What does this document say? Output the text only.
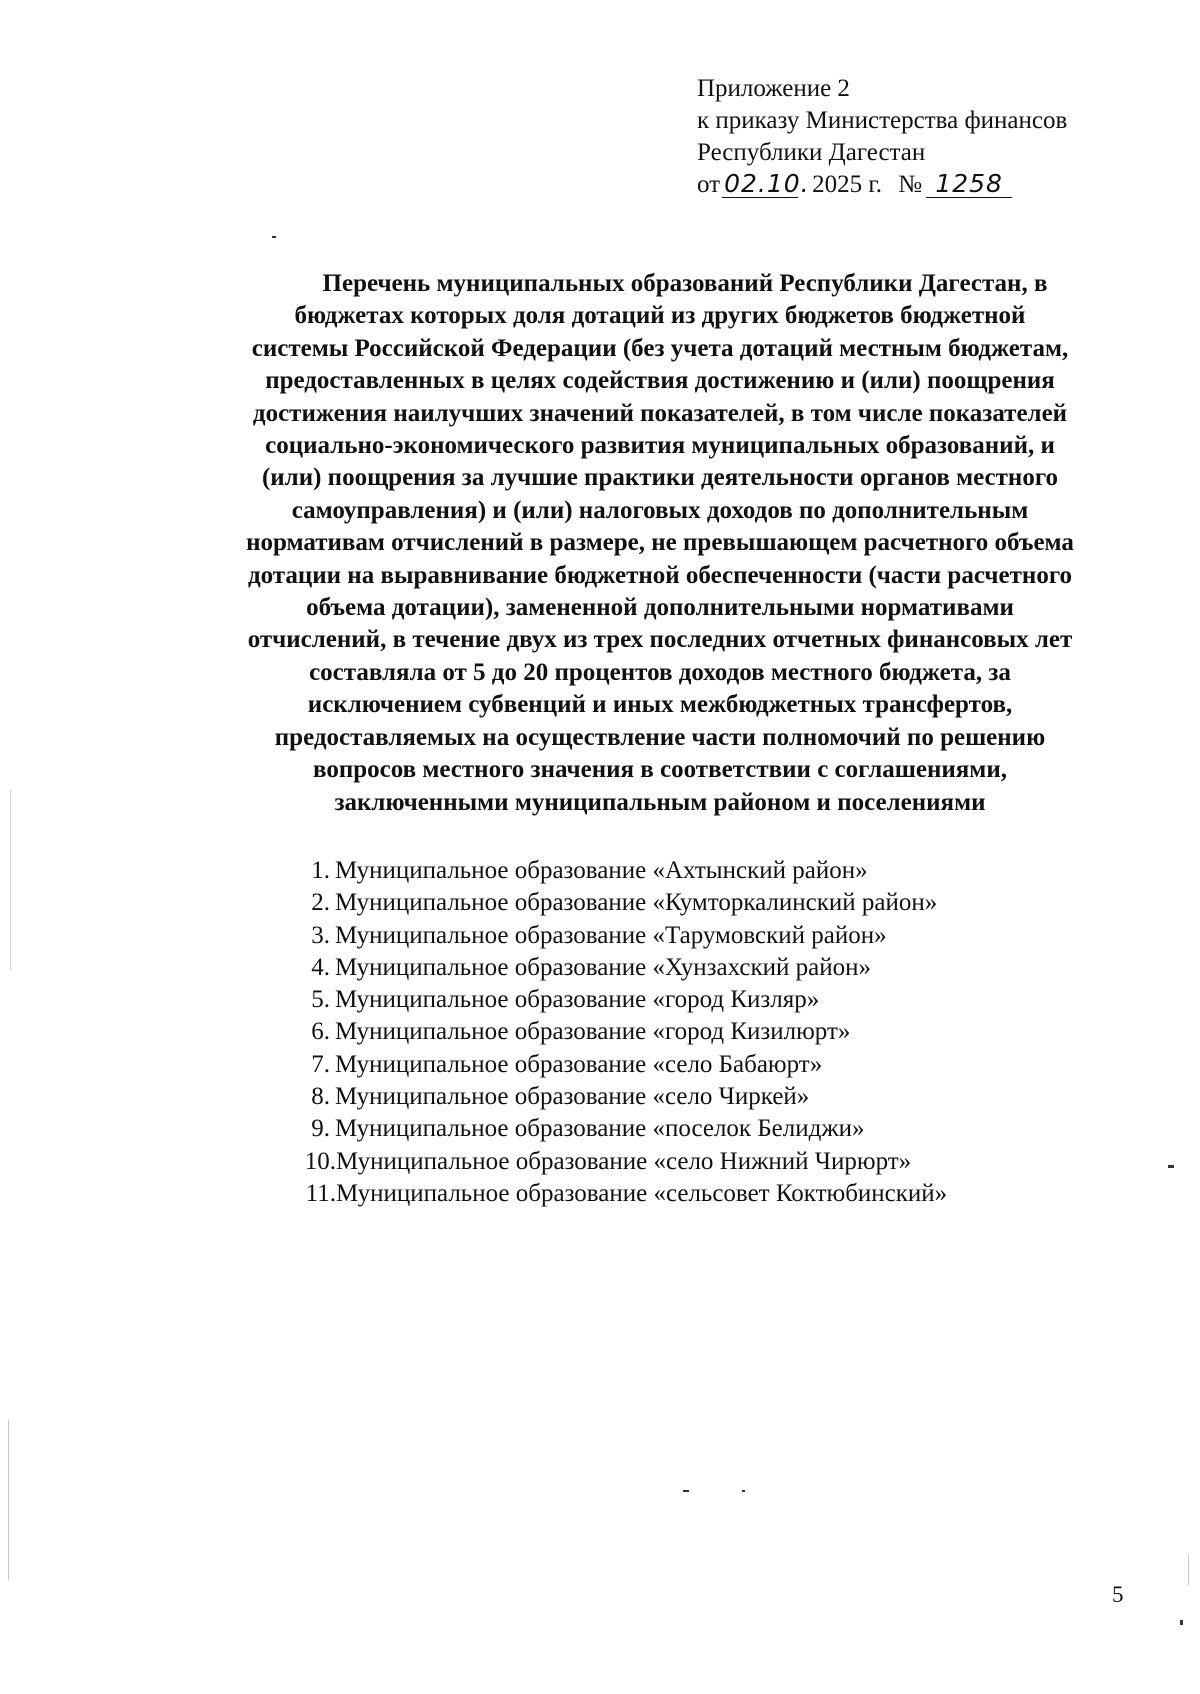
Приложение 2
к приказу Министерства финансов
Республики Дагестан
от 02.10.2025 г. № 1258
Перечень муниципальных образований Республики Дагестан, в
бюджетах которых доля дотаций из других бюджетов бюджетной
системы Российской Федерации (без учета дотаций местным бюджетам,
предоставленных в целях содействия достижению и (или) поощрения
достижения наилучших значений показателей, в том числе показателей
социально-экономического развития муниципальных образований, и
(или) поощрения за лучшие практики деятельности органов местного
самоуправления) и (или) налоговых доходов по дополнительным
нормативам отчислений в размере, не превышающем расчетного объема
дотации на выравнивание бюджетной обеспеченности (части расчетного
объема дотации), замененной дополнительными нормативами
отчислений, в течение двух из трех последних отчетных финансовых лет
составляла от 5 до 20 процентов доходов местного бюджета, за
исключением субвенций и иных межбюджетных трансфертов,
предоставляемых на осуществление части полномочий по решению
вопросов местного значения в соответствии с соглашениями,
заключенными муниципальным районом и поселениями
1. Муниципальное образование «Ахтынский район»
2. Муниципальное образование «Кумторкалинский район»
3. Муниципальное образование «Тарумовский район»
4. Муниципальное образование «Хунзахский район»
5. Муниципальное образование «город Кизляр»
6. Муниципальное образование «город Кизилюрт»
7. Муниципальное образование «село Бабаюрт»
8. Муниципальное образование «село Чиркей»
9. Муниципальное образование «поселок Белиджи»
10. Муниципальное образование «село Нижний Чирюрт»
11. Муниципальное образование «сельсовет Коктюбинский»
5
